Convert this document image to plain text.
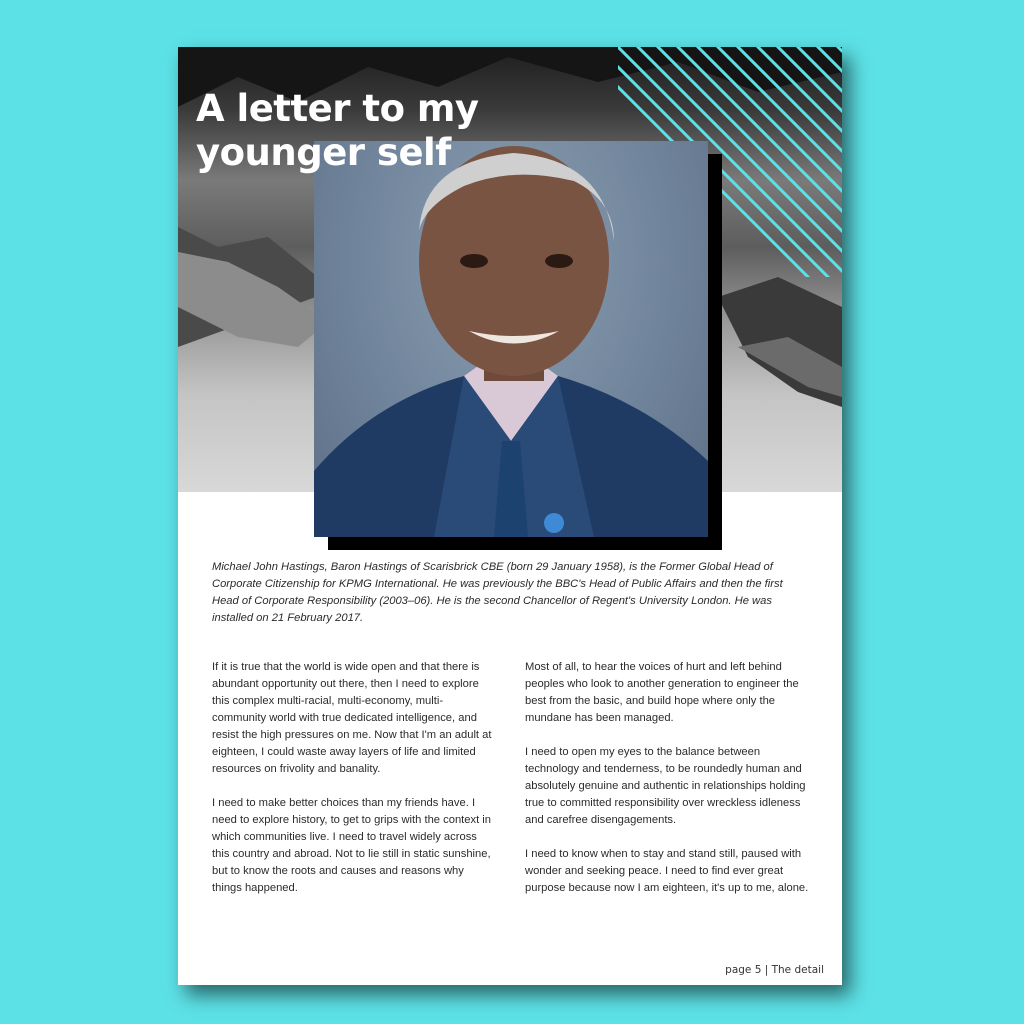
A letter to my
younger self

Michael John Hastings, Baron Hastings of Scarisbrick CBE (born 29 January 1958), is the Former Global Head of Corporate Citizenship for KPMG International. He was previously the BBC's Head of Public Affairs and then the first Head of Corporate Responsibility (2003–06). He is the second Chancellor of Regent's University London. He was installed on 21 February 2017.

If it is true that the world is wide open and that there is abundant opportunity out there, then I need to explore this complex multi-racial, multi-economy, multi-community world with true dedicated intelligence, and resist the high pressures on me. Now that I'm an adult at eighteen, I could waste away layers of life and limited resources on frivolity and banality.

I need to make better choices than my friends have. I need to explore history, to get to grips with the context in which communities live. I need to travel widely across this country and abroad. Not to lie still in static sunshine, but to know the roots and causes and reasons why things happened.

Most of all, to hear the voices of hurt and left behind peoples who look to another generation to engineer the best from the basic, and build hope where only the mundane has been managed.

I need to open my eyes to the balance between technology and tenderness, to be roundedly human and absolutely genuine and authentic in relationships holding true to committed responsibility over wreckless idleness and carefree disengagements.

I need to know when to stay and stand still, paused with wonder and seeking peace. I need to find ever great purpose because now I am eighteen, it's up to me, alone.

page 5 | The detail
